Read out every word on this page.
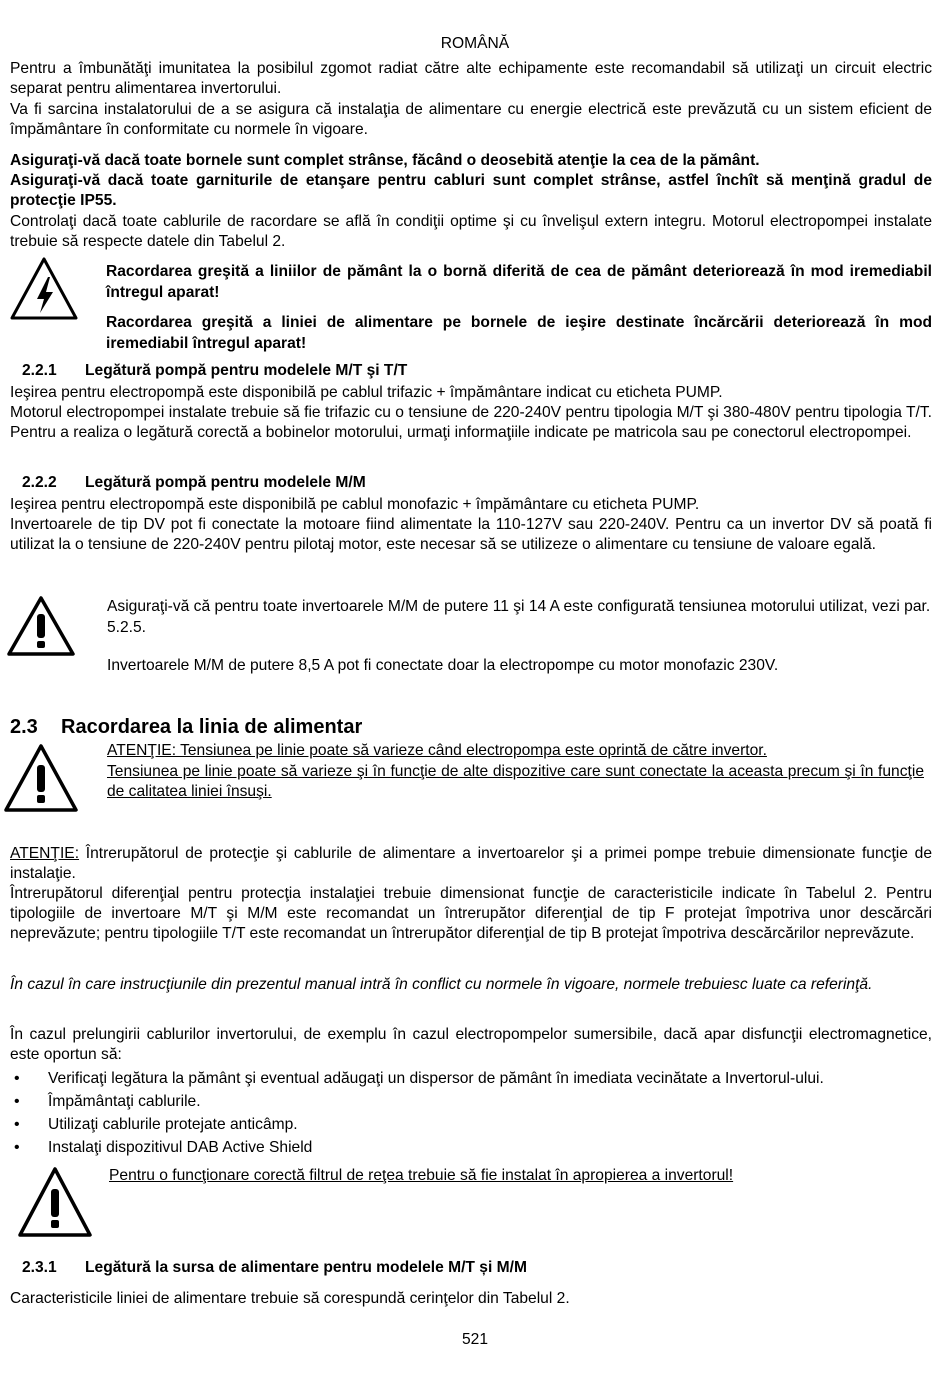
ROMÂNĂ
Pentru a îmbunătăţi imunitatea la posibilul zgomot radiat către alte echipamente este recomandabil să utilizaţi un circuit electric separat pentru alimentarea invertorului.
Va fi sarcina instalatorului de a se asigura că instalaţia de alimentare cu energie electrică este prevăzută cu un sistem eficient de împământare în conformitate cu normele în vigoare.
Asiguraţi-vă dacă toate bornele sunt complet strânse, făcând o deosebită atenţie la cea de la pământ.
Asiguraţi-vă dacă toate garniturile de etanşare pentru cabluri sunt complet strânse, astfel închît să menţină gradul de protecţie IP55.
Controlaţi dacă toate cablurile de racordare se află în condiţii optime şi cu învelişul extern integru. Motorul electropompei instalate trebuie să respecte datele din Tabelul 2.
Racordarea greşită a liniilor de pământ la o bornă diferită de cea de pământ deteriorează în mod iremediabil întregul aparat!
Racordarea greşită a liniei de alimentare pe bornele de ieşire destinate încărcării deteriorează în mod iremediabil întregul aparat!
2.2.1 Legătură pompă pentru modelele M/T şi T/T
Ieşirea pentru electropompă este disponibilă pe cablul trifazic + împământare indicat cu eticheta PUMP.
Motorul electropompei instalate trebuie să fie trifazic cu o tensiune de 220-240V pentru tipologia M/T şi 380-480V pentru tipologia T/T. Pentru a realiza o legătură corectă a bobinelor motorului, urmaţi informaţiile indicate pe matricola sau pe conectorul electropompei.
2.2.2 Legătură pompă pentru modelele M/M
Ieşirea pentru electropompă este disponibilă pe cablul monofazic + împământare cu eticheta PUMP.
Invertoarele de tip DV pot fi conectate la motoare fiind alimentate la 110-127V sau 220-240V. Pentru ca un invertor DV să poată fi utilizat la o tensiune de 220-240V pentru pilotaj motor, este necesar să se utilizeze o alimentare cu tensiune de valoare egală.
Asiguraţi-vă că pentru toate invertoarele M/M de putere 11 şi 14 A este configurată tensiunea motorului utilizat, vezi par. 5.2.5.
Invertoarele M/M de putere 8,5 A pot fi conectate doar la electropompe cu motor monofazic 230V.
2.3 Racordarea la linia de alimentar
ATENŢIE: Tensiunea pe linie poate să varieze când electropompa este oprintă de către invertor.
Tensiunea pe linie poate să varieze şi în funcţie de alte dispozitive care sunt conectate la aceasta precum şi în funcţie de calitatea liniei însuşi.
ATENŢIE: Întrerupătorul de protecţie şi cablurile de alimentare a invertoarelor şi a primei pompe trebuie dimensionate funcţie de instalaţie.
Întrerupătorul diferenţial pentru protecţia instalaţiei trebuie dimensionat funcţie de caracteristicile indicate în Tabelul 2. Pentru tipologiile de invertoare M/T şi M/M este recomandat un întrerupător diferenţial de tip F protejat împotriva unor descărcări neprevăzute; pentru tipologiile T/T este recomandat un întrerupător diferenţial de tip B protejat împotriva descărcărilor neprevăzute.
În cazul în care instrucţiunile din prezentul manual intră în conflict cu normele în vigoare, normele trebuiesc luate ca referinţă.
În cazul prelungirii cablurilor invertorului, de exemplu în cazul electropompelor sumersibile, dacă apar disfuncţii electromagnetice, este oportun să:
• Verificaţi legătura la pământ şi eventual adăugaţi un dispersor de pământ în imediata vecinătate a Invertorul-ului.
• Împământaţi cablurile.
• Utilizaţi cablurile protejate anticâmp.
• Instalaţi dispozitivul DAB Active Shield
Pentru o funcţionare corectă filtrul de reţea trebuie să fie instalat în apropierea a invertorul!
2.3.1 Legătură la sursa de alimentare pentru modelele M/T și M/M
Caracteristicile liniei de alimentare trebuie să corespundă cerinţelor din Tabelul 2.
521
